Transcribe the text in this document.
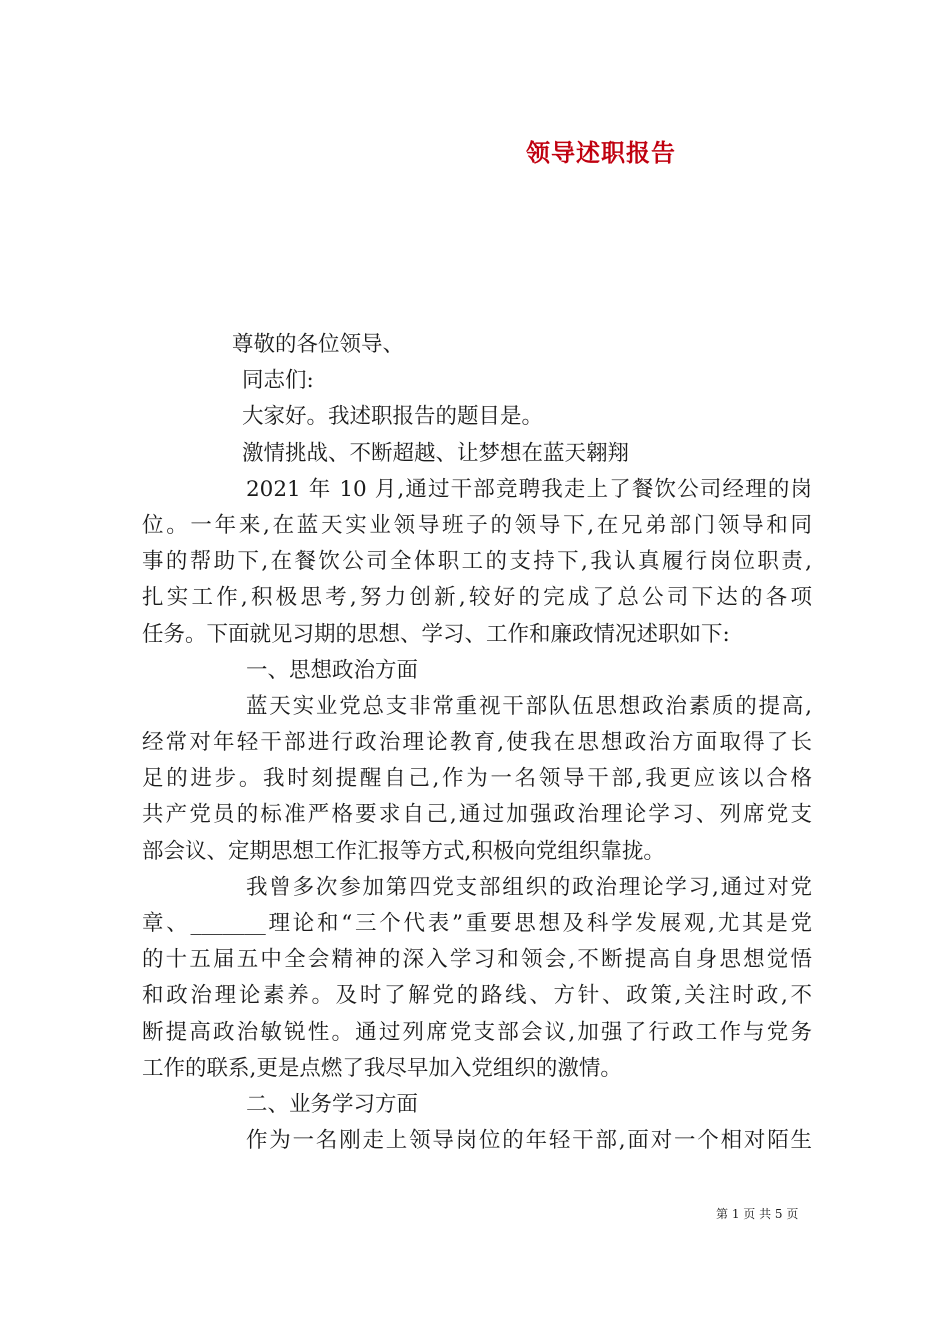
领导述职报告
尊敬的各位领导、
同志们:
大家好。我述职报告的题目是。
激情挑战、不断超越、让梦想在蓝天翱翔
2021 年 10 月,通过干部竞聘我走上了餐饮公司经理的岗
位。一年来,在蓝天实业领导班子的领导下,在兄弟部门领导和同
事的帮助下,在餐饮公司全体职工的支持下,我认真履行岗位职责,
扎实工作,积极思考,努力创新,较好的完成了总公司下达的各项
任务。下面就见习期的思想、学习、工作和廉政情况述职如下:
一、思想政治方面
蓝天实业党总支非常重视干部队伍思想政治素质的提高,
经常对年轻干部进行政治理论教育,使我在思想政治方面取得了长
足的进步。我时刻提醒自己,作为一名领导干部,我更应该以合格
共产党员的标准严格要求自己,通过加强政治理论学习、列席党支
部会议、定期思想工作汇报等方式,积极向党组织靠拢。
我曾多次参加第四党支部组织的政治理论学习,通过对党
章、_______理论和“三个代表”重要思想及科学发展观,尤其是党
的十五届五中全会精神的深入学习和领会,不断提高自身思想觉悟
和政治理论素养。及时了解党的路线、方针、政策,关注时政,不
断提高政治敏锐性。通过列席党支部会议,加强了行政工作与党务
工作的联系,更是点燃了我尽早加入党组织的激情。
二、业务学习方面
作为一名刚走上领导岗位的年轻干部,面对一个相对陌生
第 1 页 共 5 页
